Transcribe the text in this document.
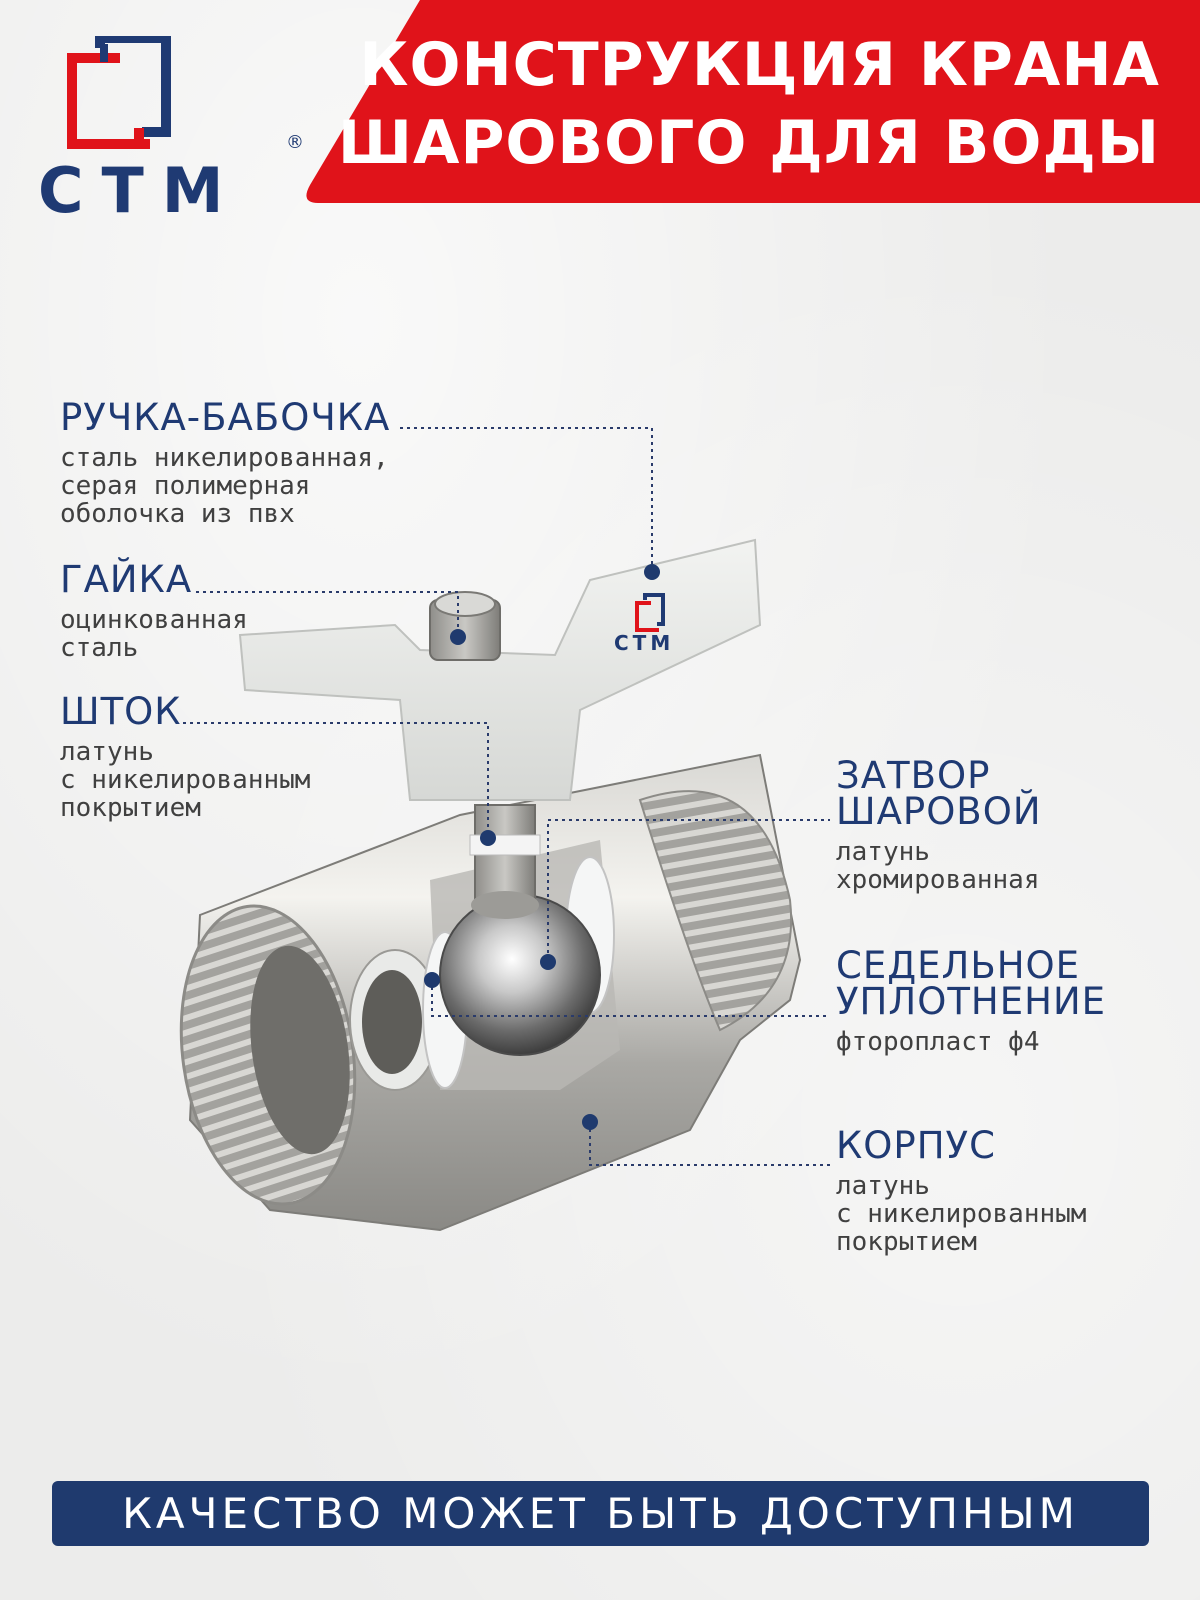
КОНСТРУКЦИЯ КРАНА
ШАРОВОГО ДЛЯ ВОДЫ
СТМ
®
СТМ
РУЧКА-БАБОЧКА
сталь никелированная,
серая полимерная
оболочка из пвх
ГАЙКА
оцинкованная
сталь
ШТОК
латунь
с никелированным
покрытием
ЗАТВОР
ШАРОВОЙ
латунь
хромированная
СЕДЕЛЬНОЕ
УПЛОТНЕНИЕ
фторопласт ф4
КОРПУС
латунь
с никелированным
покрытием
КАЧЕСТВО МОЖЕТ БЫТЬ ДОСТУПНЫМ
